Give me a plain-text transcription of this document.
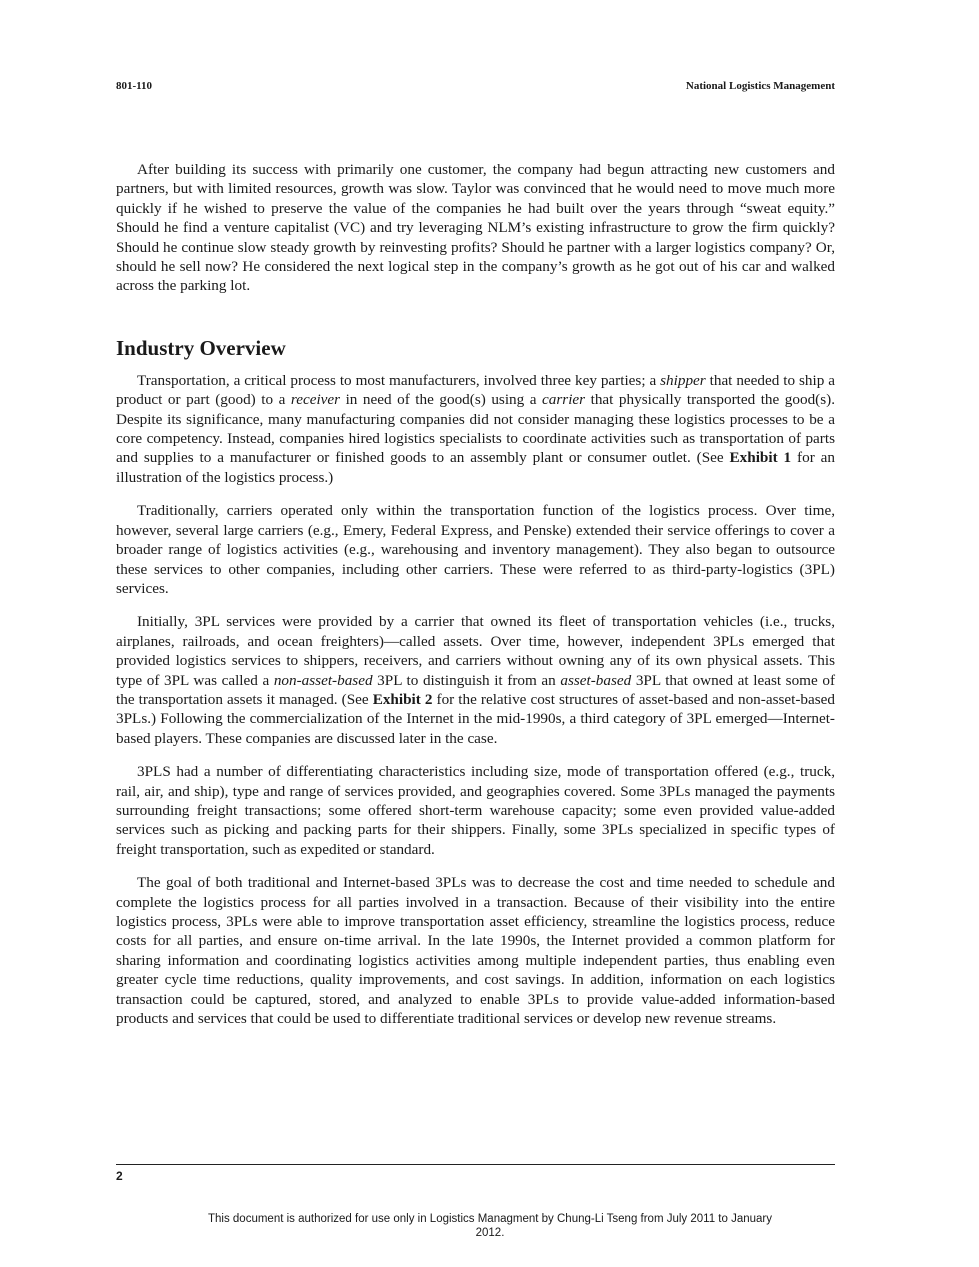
801-110	National Logistics Management

After building its success with primarily one customer, the company had begun attracting new customers and partners, but with limited resources, growth was slow. Taylor was convinced that he would need to move much more quickly if he wished to preserve the value of the companies he had built over the years through “sweat equity.” Should he find a venture capitalist (VC) and try leveraging NLM’s existing infrastructure to grow the firm quickly? Should he continue slow steady growth by reinvesting profits? Should he partner with a larger logistics company? Or, should he sell now? He considered the next logical step in the company’s growth as he got out of his car and walked across the parking lot.

Industry Overview

Transportation, a critical process to most manufacturers, involved three key parties; a shipper that needed to ship a product or part (good) to a receiver in need of the good(s) using a carrier that physically transported the good(s). Despite its significance, many manufacturing companies did not consider managing these logistics processes to be a core competency. Instead, companies hired logistics specialists to coordinate activities such as transportation of parts and supplies to a manufacturer or finished goods to an assembly plant or consumer outlet. (See Exhibit 1 for an illustration of the logistics process.)

Traditionally, carriers operated only within the transportation function of the logistics process. Over time, however, several large carriers (e.g., Emery, Federal Express, and Penske) extended their service offerings to cover a broader range of logistics activities (e.g., warehousing and inventory management). They also began to outsource these services to other companies, including other carriers. These were referred to as third-party-logistics (3PL) services.

Initially, 3PL services were provided by a carrier that owned its fleet of transportation vehicles (i.e., trucks, airplanes, railroads, and ocean freighters)—called assets. Over time, however, independent 3PLs emerged that provided logistics services to shippers, receivers, and carriers without owning any of its own physical assets. This type of 3PL was called a non-asset-based 3PL to distinguish it from an asset-based 3PL that owned at least some of the transportation assets it managed. (See Exhibit 2 for the relative cost structures of asset-based and non-asset-based 3PLs.) Following the commercialization of the Internet in the mid-1990s, a third category of 3PL emerged—Internet-based players. These companies are discussed later in the case.

3PLS had a number of differentiating characteristics including size, mode of transportation offered (e.g., truck, rail, air, and ship), type and range of services provided, and geographies covered. Some 3PLs managed the payments surrounding freight transactions; some offered short-term warehouse capacity; some even provided value-added services such as picking and packing parts for their shippers. Finally, some 3PLs specialized in specific types of freight transportation, such as expedited or standard.

The goal of both traditional and Internet-based 3PLs was to decrease the cost and time needed to schedule and complete the logistics process for all parties involved in a transaction. Because of their visibility into the entire logistics process, 3PLs were able to improve transportation asset efficiency, streamline the logistics process, reduce costs for all parties, and ensure on-time arrival. In the late 1990s, the Internet provided a common platform for sharing information and coordinating logistics activities among multiple independent parties, thus enabling even greater cycle time reductions, quality improvements, and cost savings. In addition, information on each logistics transaction could be captured, stored, and analyzed to enable 3PLs to provide value-added information-based products and services that could be used to differentiate traditional services or develop new revenue streams.

2
This document is authorized for use only in Logistics Managment by Chung-Li Tseng from July 2011 to January
2012.
